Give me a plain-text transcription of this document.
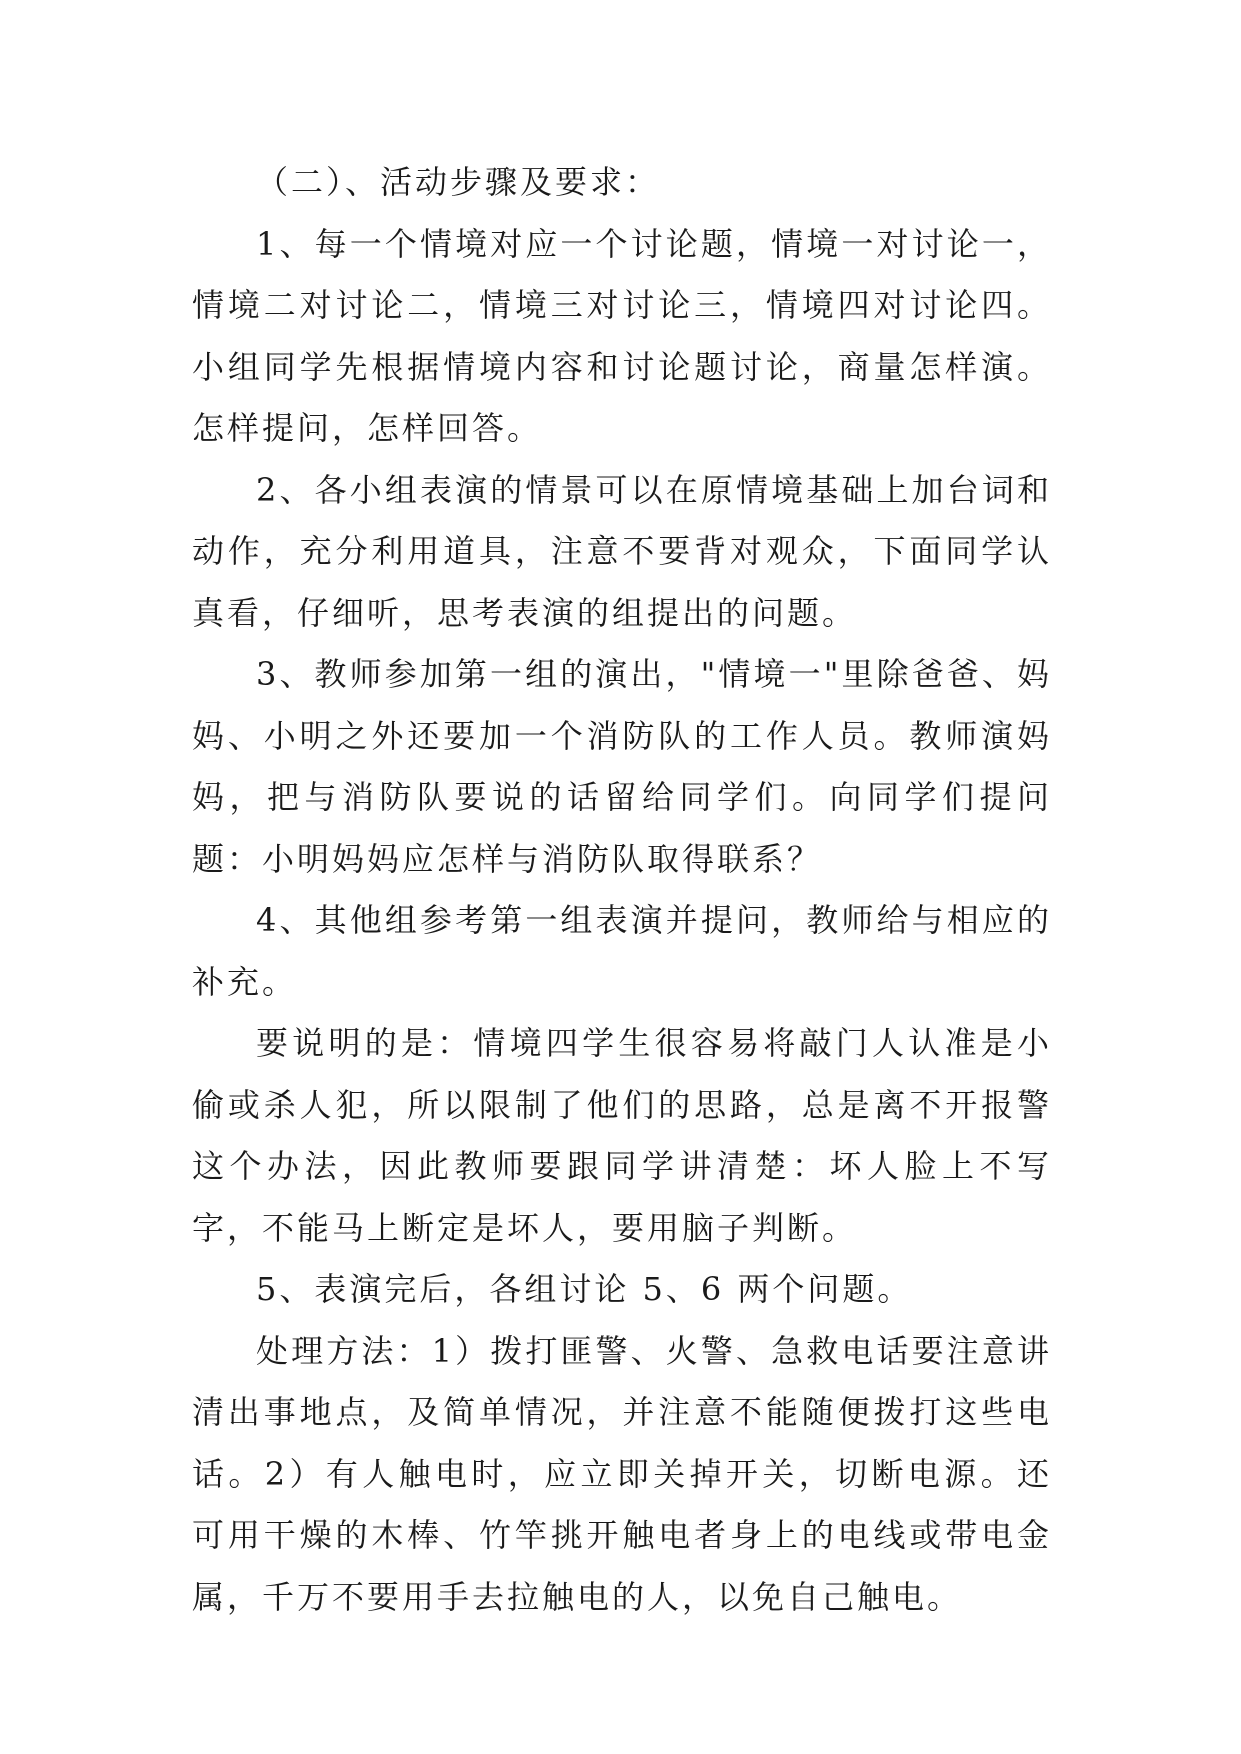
（二）、活动步骤及要求：

1、每一个情境对应一个讨论题，情境一对讨论一，情境二对讨论二，情境三对讨论三，情境四对讨论四。小组同学先根据情境内容和讨论题讨论，商量怎样演。怎样提问，怎样回答。

2、各小组表演的情景可以在原情境基础上加台词和动作，充分利用道具，注意不要背对观众，下面同学认真看，仔细听，思考表演的组提出的问题。

3、教师参加第一组的演出，"情境一"里除爸爸、妈妈、小明之外还要加一个消防队的工作人员。教师演妈妈，把与消防队要说的话留给同学们。向同学们提问题：小明妈妈应怎样与消防队取得联系？

4、其他组参考第一组表演并提问，教师给与相应的补充。

要说明的是：情境四学生很容易将敲门人认准是小偷或杀人犯，所以限制了他们的思路，总是离不开报警这个办法，因此教师要跟同学讲清楚：坏人脸上不写字，不能马上断定是坏人，要用脑子判断。

5、表演完后，各组讨论 5、6 两个问题。

处理方法：1）拨打匪警、火警、急救电话要注意讲清出事地点，及简单情况，并注意不能随便拨打这些电话。2）有人触电时，应立即关掉开关，切断电源。还可用干燥的木棒、竹竿挑开触电者身上的电线或带电金属，千万不要用手去拉触电的人，以免自己触电。
